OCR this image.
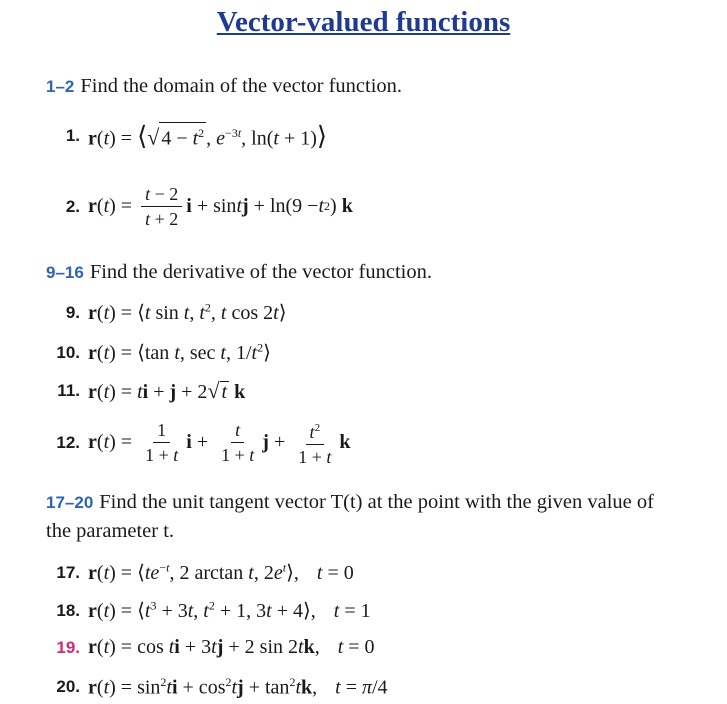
Vector-valued functions
1–2 Find the domain of the vector function.
1. r(t) = ⟨√ $4 - t^2$ , $e^{-3t}$, ln(t + 1)⟩
2. r ( t ) = $\frac{t - 2}{t + 2}$ i + sin t j + ln(9 − t 2 ) k
9–16 Find the derivative of the vector function.
9. r(t) = ⟨t sin t, $t^2$, t cos 2t⟩
10. r(t) = ⟨tan t, sec t, $1/t^2⟩$
11. r(t) = ti + j + 2√ t k
12. r ( t ) = $\frac{1}{1 + t}$ $i + \frac{t}{1 + t}$ $j + \frac{t^2}{1 + t}$ k
17–20 Find the unit tangent vector T(t) at the point with the given value of the parameter t.
17. $r(t) = ⟨te^{-t}$, 2 arctan t, $2e^t⟩$, t = 0
18. $r(t) = ⟨t^3 + 3t$, $t^2 + 1$, 3t + 4⟩, t = 1
19. r(t) = cos ti + 3tj + 2 sin 2tk, t = 0
20. $r(t) = \sin^2ti + \cos^2tj + \tan^2tk$, t = π/4
